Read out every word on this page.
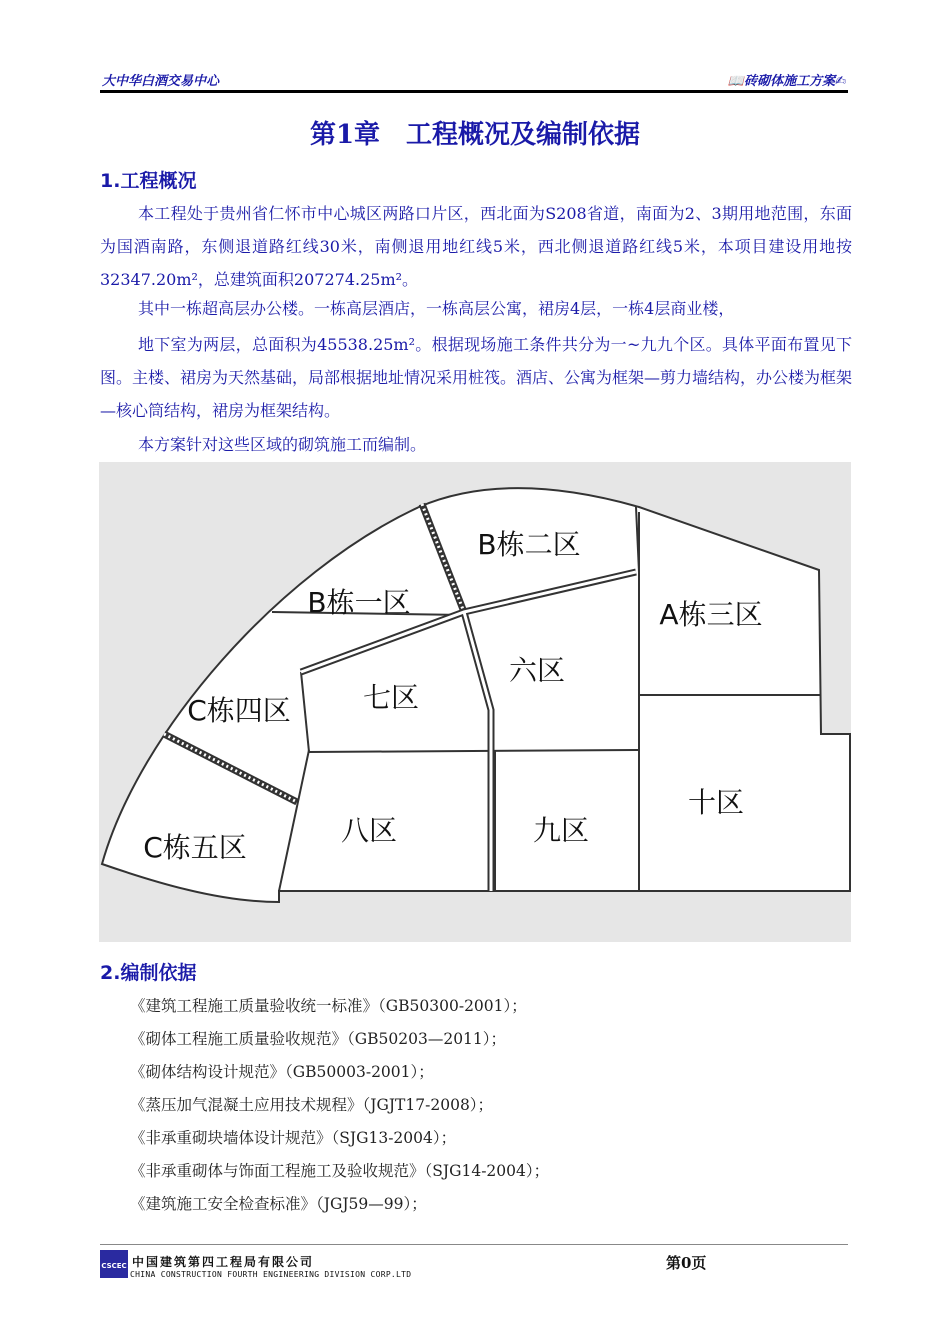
大中华白酒交易中心	📖砖砌体施工方案✍
第1章　工程概况及编制依据
1.工程概况
本工程处于贵州省仁怀市中心城区两路口片区，西北面为S208省道，南面为2、3期用地范围，东面为国酒南路，东侧退道路红线30米，南侧退用地红线5米，西北侧退道路红线5米，本项目建设用地按32347.20m²，总建筑面积207274.25m²。
其中一栋超高层办公楼。一栋高层酒店，一栋高层公寓，裙房4层，一栋4层商业楼，
地下室为两层，总面积为45538.25m²。根据现场施工条件共分为一~九九个区。具体平面布置见下图。主楼、裙房为天然基础，局部根据地址情况采用桩筏。酒店、公寓为框架—剪力墙结构，办公楼为框架—核心筒结构，裙房为框架结构。
本方案针对这些区域的砌筑施工而编制。
B栋二区
B栋一区	A栋三区
六区
C栋四区	七区
十区
八区	九区
C栋五区
2.编制依据
《建筑工程施工质量验收统一标准》（GB50300-2001）；
《砌体工程施工质量验收规范》（GB50203—2011）；
《砌体结构设计规范》（GB50003-2001）；
《蒸压加气混凝土应用技术规程》（JGJT17-2008）；
《非承重砌块墙体设计规范》（SJG13-2004）；
《非承重砌体与饰面工程施工及验收规范》（SJG14-2004）；
《建筑施工安全检查标准》（JGJ59—99）；
CSCEC 中国建筑第四工程局有限公司
CHINA CONSTRUCTION FOURTH ENGINEERING DIVISION CORP.LTD
第0页
